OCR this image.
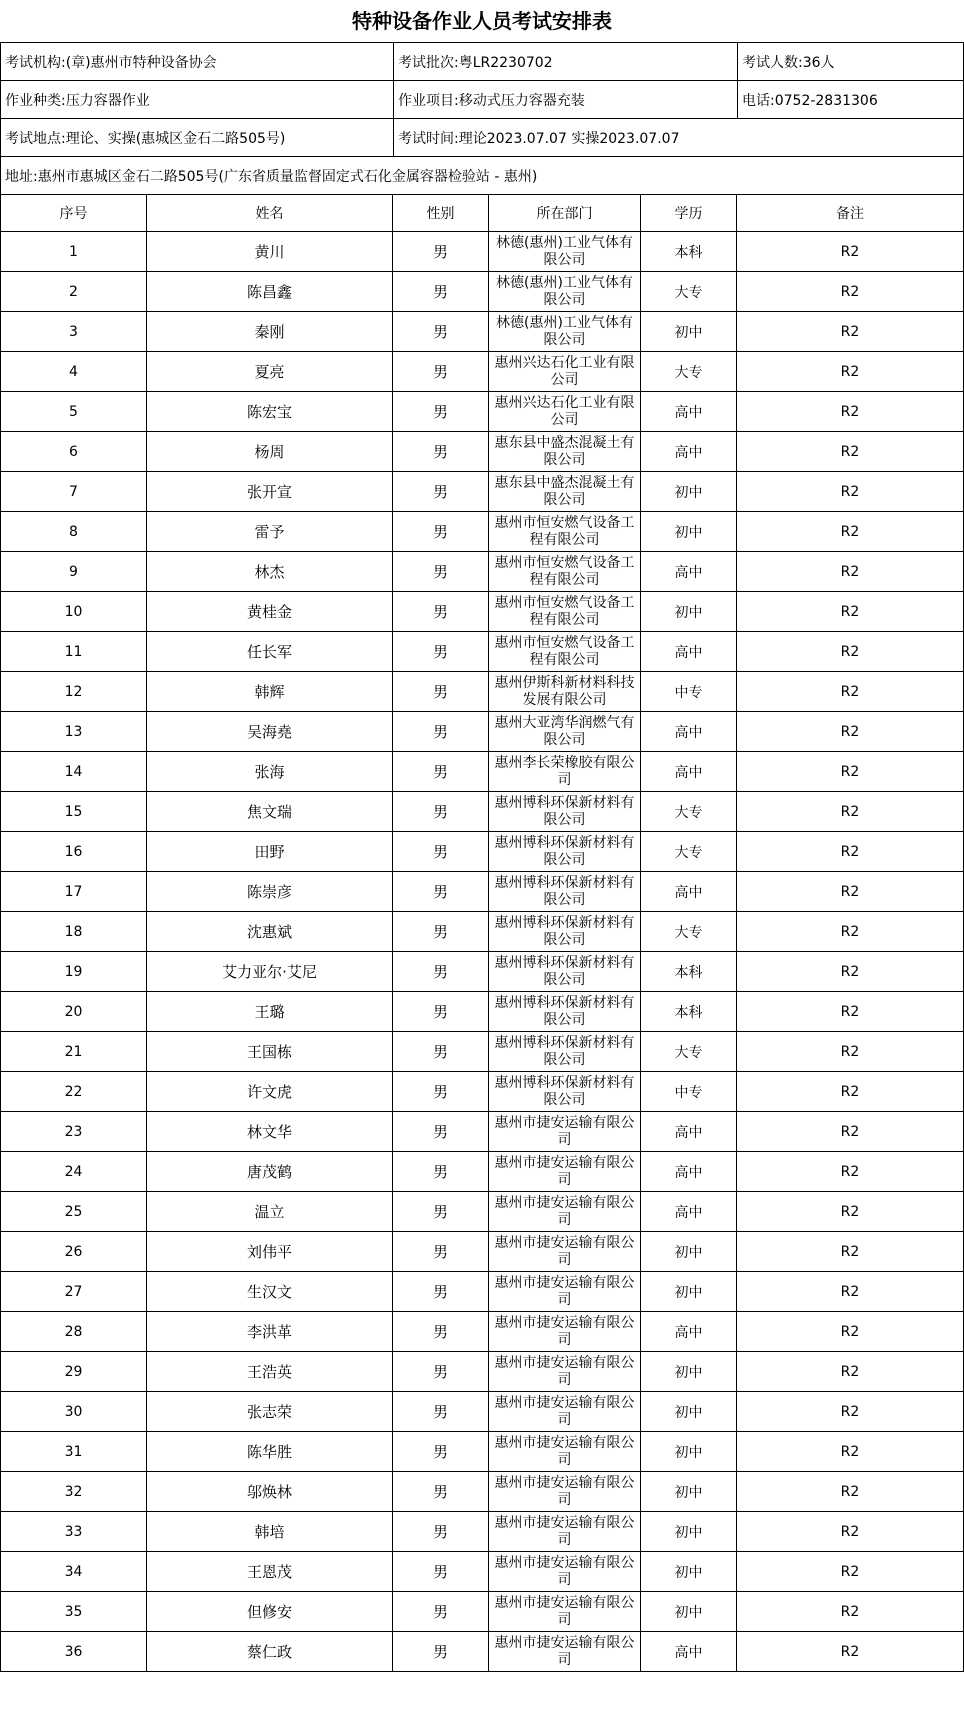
特种设备作业人员考试安排表
考试机构:(章)惠州市特种设备协会	考试批次:粤LR2230702	考试人数:36人
作业种类:压力容器作业	作业项目:移动式压力容器充装	电话:0752-2831306
考试地点:理论、实操(惠城区金石二路505号)	考试时间:理论2023.07.07 实操2023.07.07	
地址:惠州市惠城区金石二路505号(广东省质量监督固定式石化金属容器检验站 - 惠州)		
序号	姓名	性别	所在部门	学历	备注
1	黄川	男	林德(惠州)工业气体有限公司	本科	R2
2	陈昌鑫	男	林德(惠州)工业气体有限公司	大专	R2
3	秦刚	男	林德(惠州)工业气体有限公司	初中	R2
4	夏亮	男	惠州兴达石化工业有限公司	大专	R2
5	陈宏宝	男	惠州兴达石化工业有限公司	高中	R2
6	杨周	男	惠东县中盛杰混凝土有限公司	高中	R2
7	张开宣	男	惠东县中盛杰混凝土有限公司	初中	R2
8	雷予	男	惠州市恒安燃气设备工程有限公司	初中	R2
9	林杰	男	惠州市恒安燃气设备工程有限公司	高中	R2
10	黄桂金	男	惠州市恒安燃气设备工程有限公司	初中	R2
11	任长军	男	惠州市恒安燃气设备工程有限公司	高中	R2
12	韩辉	男	惠州伊斯科新材料科技发展有限公司	中专	R2
13	吴海堯	男	惠州大亚湾华润燃气有限公司	高中	R2
14	张海	男	惠州李长荣橡胶有限公司	高中	R2
15	焦文瑞	男	惠州博科环保新材料有限公司	大专	R2
16	田野	男	惠州博科环保新材料有限公司	大专	R2
17	陈崇彦	男	惠州博科环保新材料有限公司	高中	R2
18	沈惠斌	男	惠州博科环保新材料有限公司	大专	R2
19	艾力亚尔·艾尼	男	惠州博科环保新材料有限公司	本科	R2
20	王璐	男	惠州博科环保新材料有限公司	本科	R2
21	王国栋	男	惠州博科环保新材料有限公司	大专	R2
22	许文虎	男	惠州博科环保新材料有限公司	中专	R2
23	林文华	男	惠州市捷安运输有限公司	高中	R2
24	唐茂鹤	男	惠州市捷安运输有限公司	高中	R2
25	温立	男	惠州市捷安运输有限公司	高中	R2
26	刘伟平	男	惠州市捷安运输有限公司	初中	R2
27	生汉文	男	惠州市捷安运输有限公司	初中	R2
28	李洪革	男	惠州市捷安运输有限公司	高中	R2
29	王浩英	男	惠州市捷安运输有限公司	初中	R2
30	张志荣	男	惠州市捷安运输有限公司	初中	R2
31	陈华胜	男	惠州市捷安运输有限公司	初中	R2
32	邬焕林	男	惠州市捷安运输有限公司	初中	R2
33	韩培	男	惠州市捷安运输有限公司	初中	R2
34	王恩茂	男	惠州市捷安运输有限公司	初中	R2
35	但修安	男	惠州市捷安运输有限公司	初中	R2
36	蔡仁政	男	惠州市捷安运输有限公司	高中	R2
